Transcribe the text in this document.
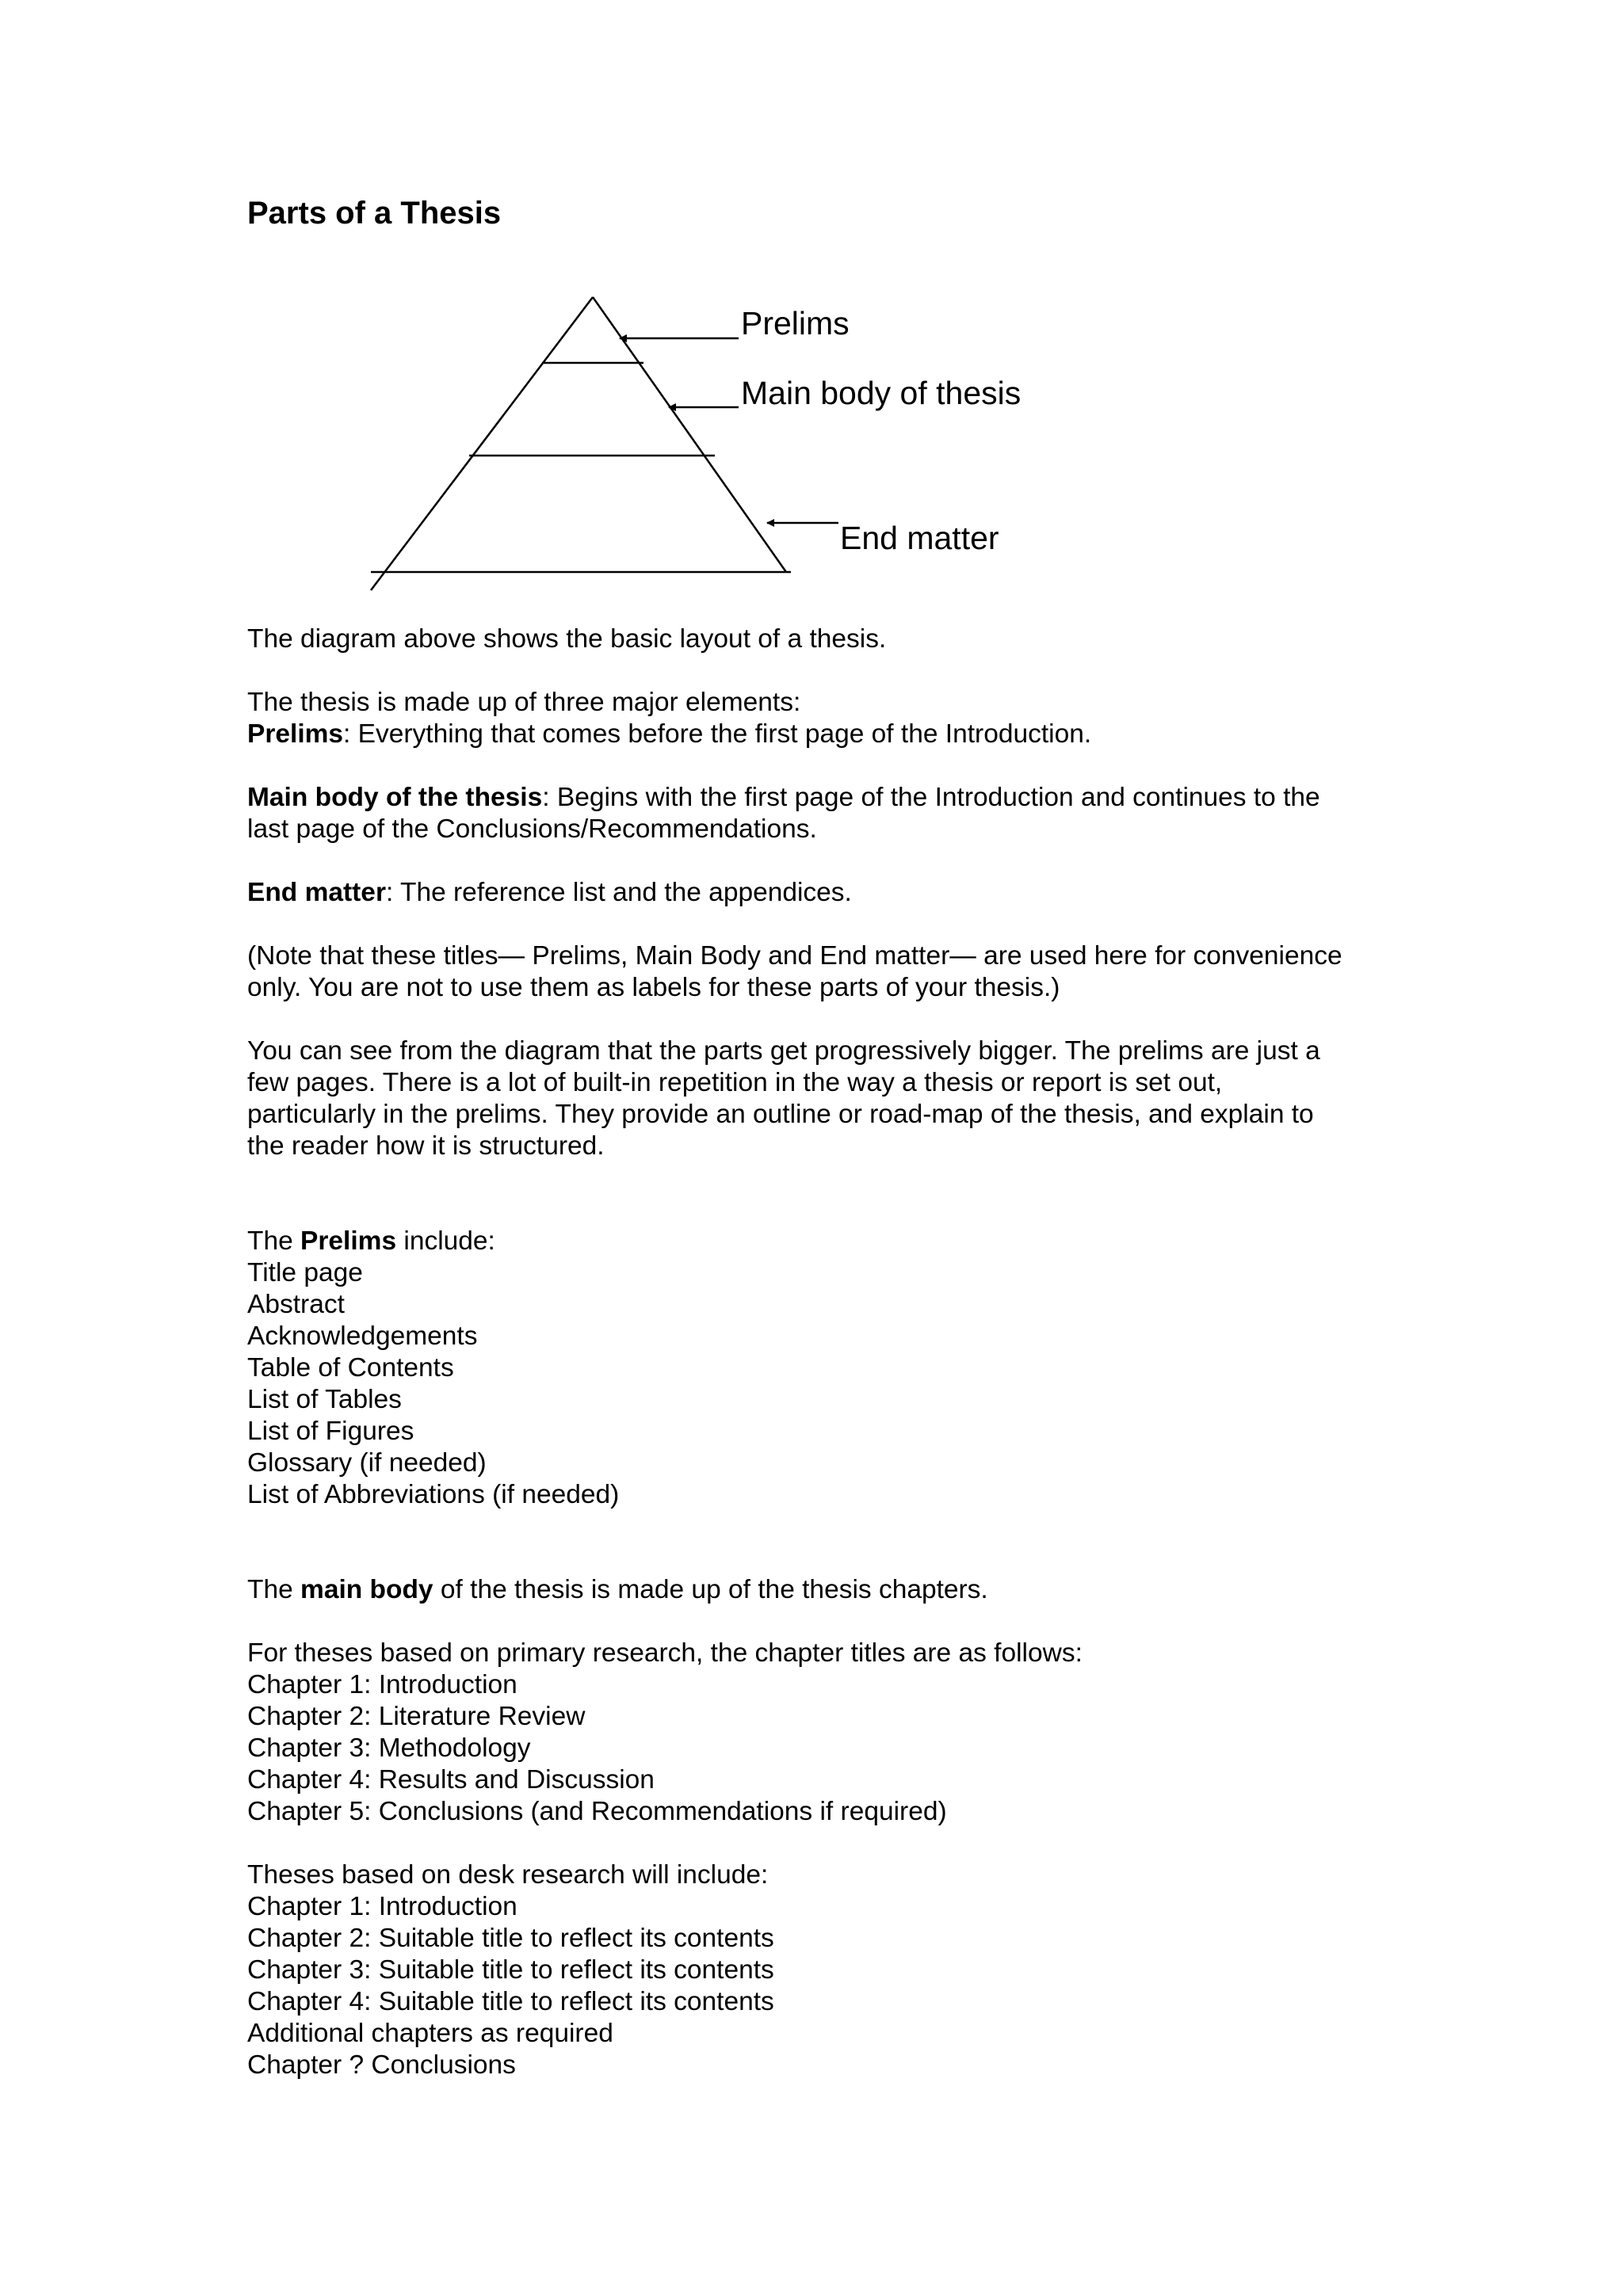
Parts of a Thesis
Prelims
Main body of thesis
End matter

The diagram above shows the basic layout of a thesis.

The thesis is made up of three major elements:

Prelims: Everything that comes before the first page of the Introduction.

Main body of the thesis: Begins with the first page of the Introduction and continues to the last page of the Conclusions/Recommendations.

End matter: The reference list and the appendices.

(Note that these titles— Prelims, Main Body and End matter— are used here for convenience only. You are not to use them as labels for these parts of your thesis.)

You can see from the diagram that the parts get progressively bigger. The prelims are just a few pages. There is a lot of built-in repetition in the way a thesis or report is set out, particularly in the prelims. They provide an outline or road-map of the thesis, and explain to the reader how it is structured.

The Prelims include:

Title page
Abstract
Acknowledgements
Table of Contents
List of Tables
List of Figures
Glossary (if needed)
List of Abbreviations (if needed)

The main body of the thesis is made up of the thesis chapters.

For theses based on primary research, the chapter titles are as follows:

Chapter 1: Introduction
Chapter 2: Literature Review
Chapter 3: Methodology
Chapter 4: Results and Discussion
Chapter 5: Conclusions (and Recommendations if required)

Theses based on desk research will include:

Chapter 1: Introduction
Chapter 2: Suitable title to reflect its contents
Chapter 3: Suitable title to reflect its contents
Chapter 4: Suitable title to reflect its contents
Additional chapters as required
Chapter ? Conclusions
